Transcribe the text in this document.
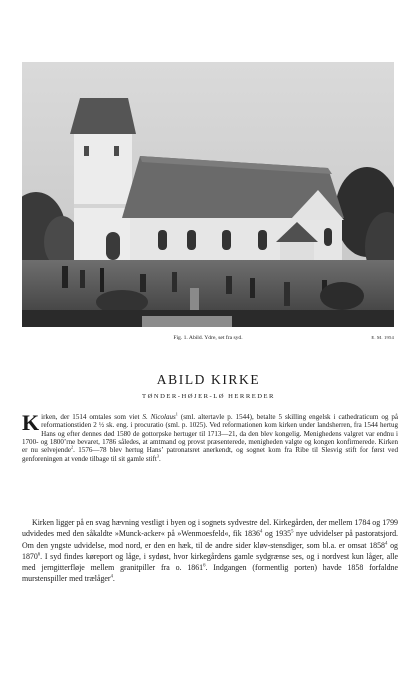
Fig. 1. Abild. Ydre, set fra syd.	E. M. 1954
ABILD KIRKE
TØNDER-HØJER-LØ HERREDER
Kirken, der 1514 omtales som viet S. Nicolaus$^1$ (sml. altertavle p. 1544), betalte 5 skilling engelsk i cathedraticum og på reformationstiden 2 ½ sk. eng. i procuratio (sml. p. 1025). Ved reformationen kom kirken under landsherren, fra 1544 hertug Hans og efter dennes død 1580 de gottorpske hertuger til 1713—21, da den blev kongelig. Menighedens valgret var endnu i 1700- og 1800’rne bevaret, 1786 således, at amtmand og provst præsenterede, menigheden valgte og kongen konfirmerede. Kirken er nu selvejende$^2$. 1576—78 blev hertug Hans’ patronatsret anerkendt, og sognet kom fra Ribe til Slesvig stift for først ved genforeningen at vende tilbage til sit gamle stift$^3$.
Kirken ligger på en svag hævning vestligt i byen og i sognets sydvestre del. Kirkegården, der mellem 1784 og 1799 udvidedes med den såkaldte »Munck-acker« på »Wenmoesfeld«, fik 1836$^4$ og 1935$^5$ nye udvidelser på pastoratsjord. Om den yngste udvidelse, mod nord, er den en hæk, til de andre sider kløv-stensdiger, som bl.a. er omsat 1858$^4$ og 1870$^6$. I syd findes køreport og låge, i sydøst, hvor kirkegårdens gamle sydgrænse ses, og i nordvest kun låger, alle med jerngitterfløje mellem granitpiller fra o. 1861$^6$. Indgangen (formentlig porten) havde 1858 forfaldne murstenspiller med trælåger$^4$.
